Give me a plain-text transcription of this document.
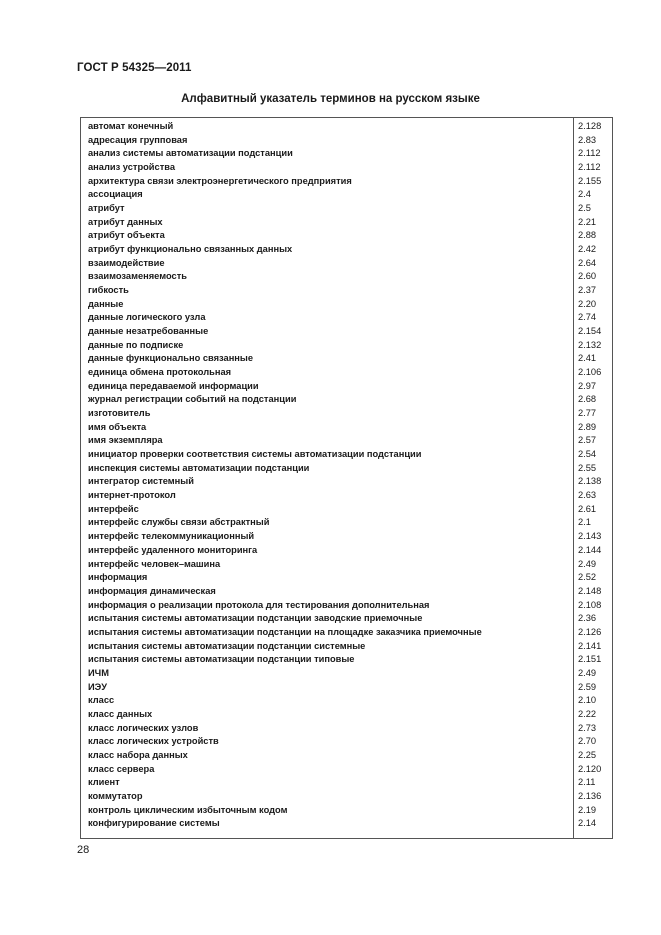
ГОСТ Р 54325—2011
Алфавитный указатель терминов на русском языке
автомат конечный	2.128
адресация групповая	2.83
анализ системы автоматизации подстанции	2.112
анализ устройства	2.112
архитектура связи электроэнергетического предприятия	2.155
ассоциация	2.4
атрибут	2.5
атрибут данных	2.21
атрибут объекта	2.88
атрибут функционально связанных данных	2.42
взаимодействие	2.64
взаимозаменяемость	2.60
гибкость	2.37
данные	2.20
данные логического узла	2.74
данные незатребованные	2.154
данные по подписке	2.132
данные функционально связанные	2.41
единица обмена протокольная	2.106
единица передаваемой информации	2.97
журнал регистрации событий на подстанции	2.68
изготовитель	2.77
имя объекта	2.89
имя экземпляра	2.57
инициатор проверки соответствия системы автоматизации подстанции	2.54
инспекция системы автоматизации подстанции	2.55
интегратор системный	2.138
интернет-протокол	2.63
интерфейс	2.61
интерфейс службы связи абстрактный	2.1
интерфейс телекоммуникационный	2.143
интерфейс удаленного мониторинга	2.144
интерфейс человек–машина	2.49
информация	2.52
информация динамическая	2.148
информация о реализации протокола для тестирования дополнительная	2.108
испытания системы автоматизации подстанции заводские приемочные	2.36
испытания системы автоматизации подстанции на площадке заказчика приемочные	2.126
испытания системы автоматизации подстанции системные	2.141
испытания системы автоматизации подстанции типовые	2.151
ИЧМ	2.49
ИЭУ	2.59
класс	2.10
класс данных	2.22
класс логических узлов	2.73
класс логических устройств	2.70
класс набора данных	2.25
класс сервера	2.120
клиент	2.11
коммутатор	2.136
контроль циклическим избыточным кодом	2.19
конфигурирование системы	2.14
28
